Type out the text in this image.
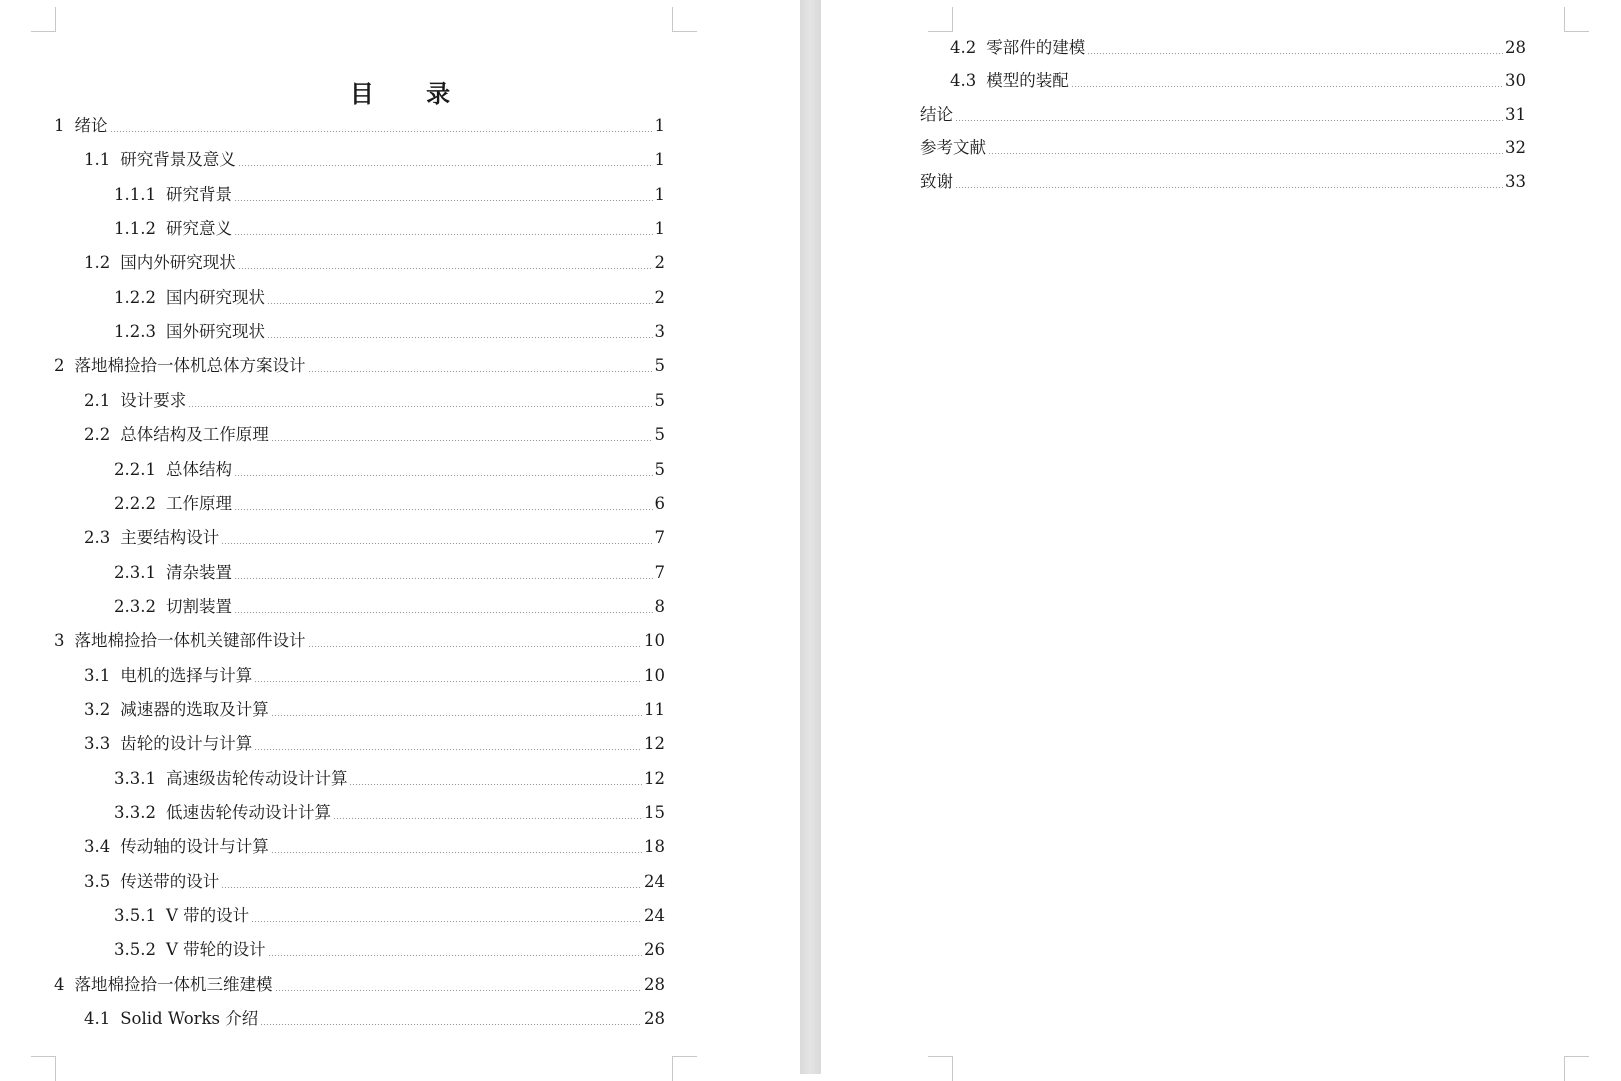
目 录
1 绪论	1
1.1 研究背景及意义	1
1.1.1 研究背景	1
1.1.2 研究意义	1
1.2 国内外研究现状	2
1.2.2 国内研究现状	2
1.2.3 国外研究现状	3
2 落地棉捡拾一体机总体方案设计	5
2.1 设计要求	5
2.2 总体结构及工作原理	5
2.2.1 总体结构	5
2.2.2 工作原理	6
2.3 主要结构设计	7
2.3.1 清杂装置	7
2.3.2 切割装置	8
3 落地棉捡拾一体机关键部件设计	10
3.1 电机的选择与计算	10
3.2 减速器的选取及计算	11
3.3 齿轮的设计与计算	12
3.3.1 高速级齿轮传动设计计算	12
3.3.2 低速齿轮传动设计计算	15
3.4 传动轴的设计与计算	18
3.5 传送带的设计	24
3.5.1 V 带的设计	24
3.5.2 V 带轮的设计	26
4 落地棉捡拾一体机三维建模	28
4.1 Solid Works 介绍	28
4.2 零部件的建模	28
4.3 模型的装配	30
结论	31
参考文献	32
致谢	33
